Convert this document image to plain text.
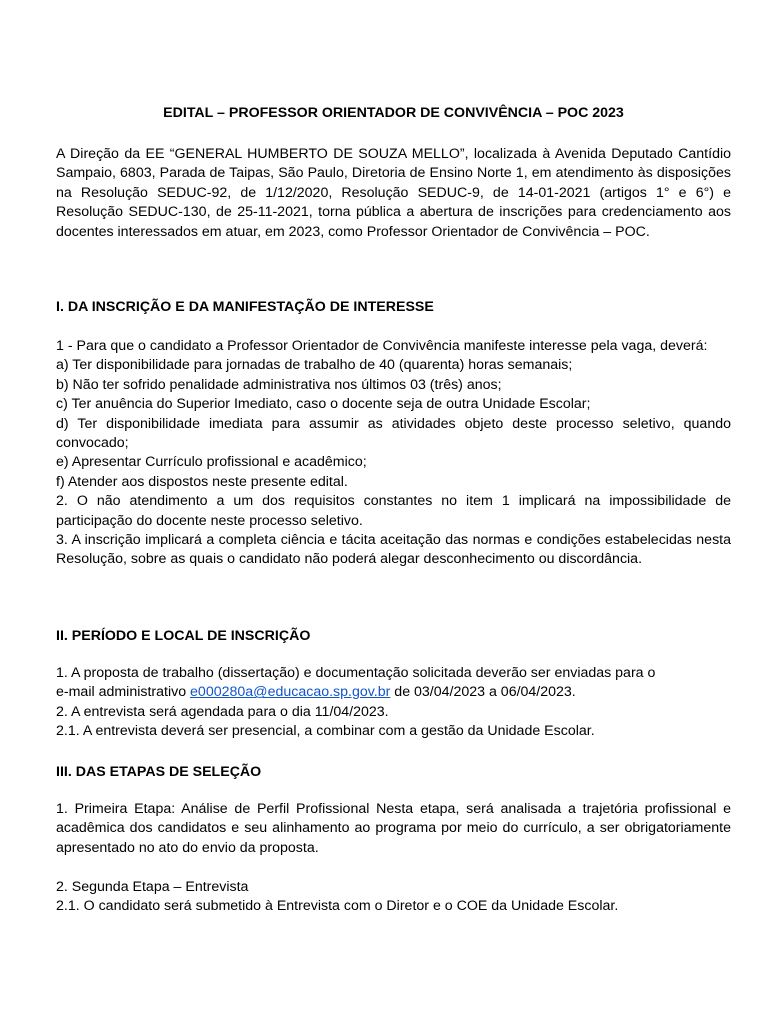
EDITAL – PROFESSOR ORIENTADOR DE CONVIVÊNCIA – POC 2023

A Direção da EE “GENERAL HUMBERTO DE SOUZA MELLO”, localizada à Avenida Deputado Cantídio Sampaio, 6803, Parada de Taipas, São Paulo, Diretoria de Ensino Norte 1, em atendimento às disposições na Resolução SEDUC-92, de 1/12/2020, Resolução SEDUC-9, de 14-01-2021 (artigos 1° e 6°) e Resolução SEDUC-130, de 25-11-2021, torna pública a abertura de inscrições para credenciamento aos docentes interessados em atuar, em 2023, como Professor Orientador de Convivência – POC.

I. DA INSCRIÇÃO E DA MANIFESTAÇÃO DE INTERESSE

1 - Para que o candidato a Professor Orientador de Convivência manifeste interesse pela vaga, deverá:
a) Ter disponibilidade para jornadas de trabalho de 40 (quarenta) horas semanais;
b) Não ter sofrido penalidade administrativa nos últimos 03 (três) anos;
c) Ter anuência do Superior Imediato, caso o docente seja de outra Unidade Escolar;
d) Ter disponibilidade imediata para assumir as atividades objeto deste processo seletivo, quando convocado;
e) Apresentar Currículo profissional e acadêmico;
f) Atender aos dispostos neste presente edital.
2. O não atendimento a um dos requisitos constantes no item 1 implicará na impossibilidade de participação do docente neste processo seletivo.
3. A inscrição implicará a completa ciência e tácita aceitação das normas e condições estabelecidas nesta Resolução, sobre as quais o candidato não poderá alegar desconhecimento ou discordância.

II. PERÍODO E LOCAL DE INSCRIÇÃO

1. A proposta de trabalho (dissertação) e documentação solicitada deverão ser enviadas para o
e-mail administrativo e000280a@educacao.sp.gov.br de 03/04/2023 a 06/04/2023.
2. A entrevista será agendada para o dia 11/04/2023.
2.1. A entrevista deverá ser presencial, a combinar com a gestão da Unidade Escolar.

III. DAS ETAPAS DE SELEÇÃO

1. Primeira Etapa: Análise de Perfil Profissional Nesta etapa, será analisada a trajetória profissional e acadêmica dos candidatos e seu alinhamento ao programa por meio do currículo, a ser obrigatoriamente apresentado no ato do envio da proposta.

2. Segunda Etapa – Entrevista
2.1. O candidato será submetido à Entrevista com o Diretor e o COE da Unidade Escolar.
